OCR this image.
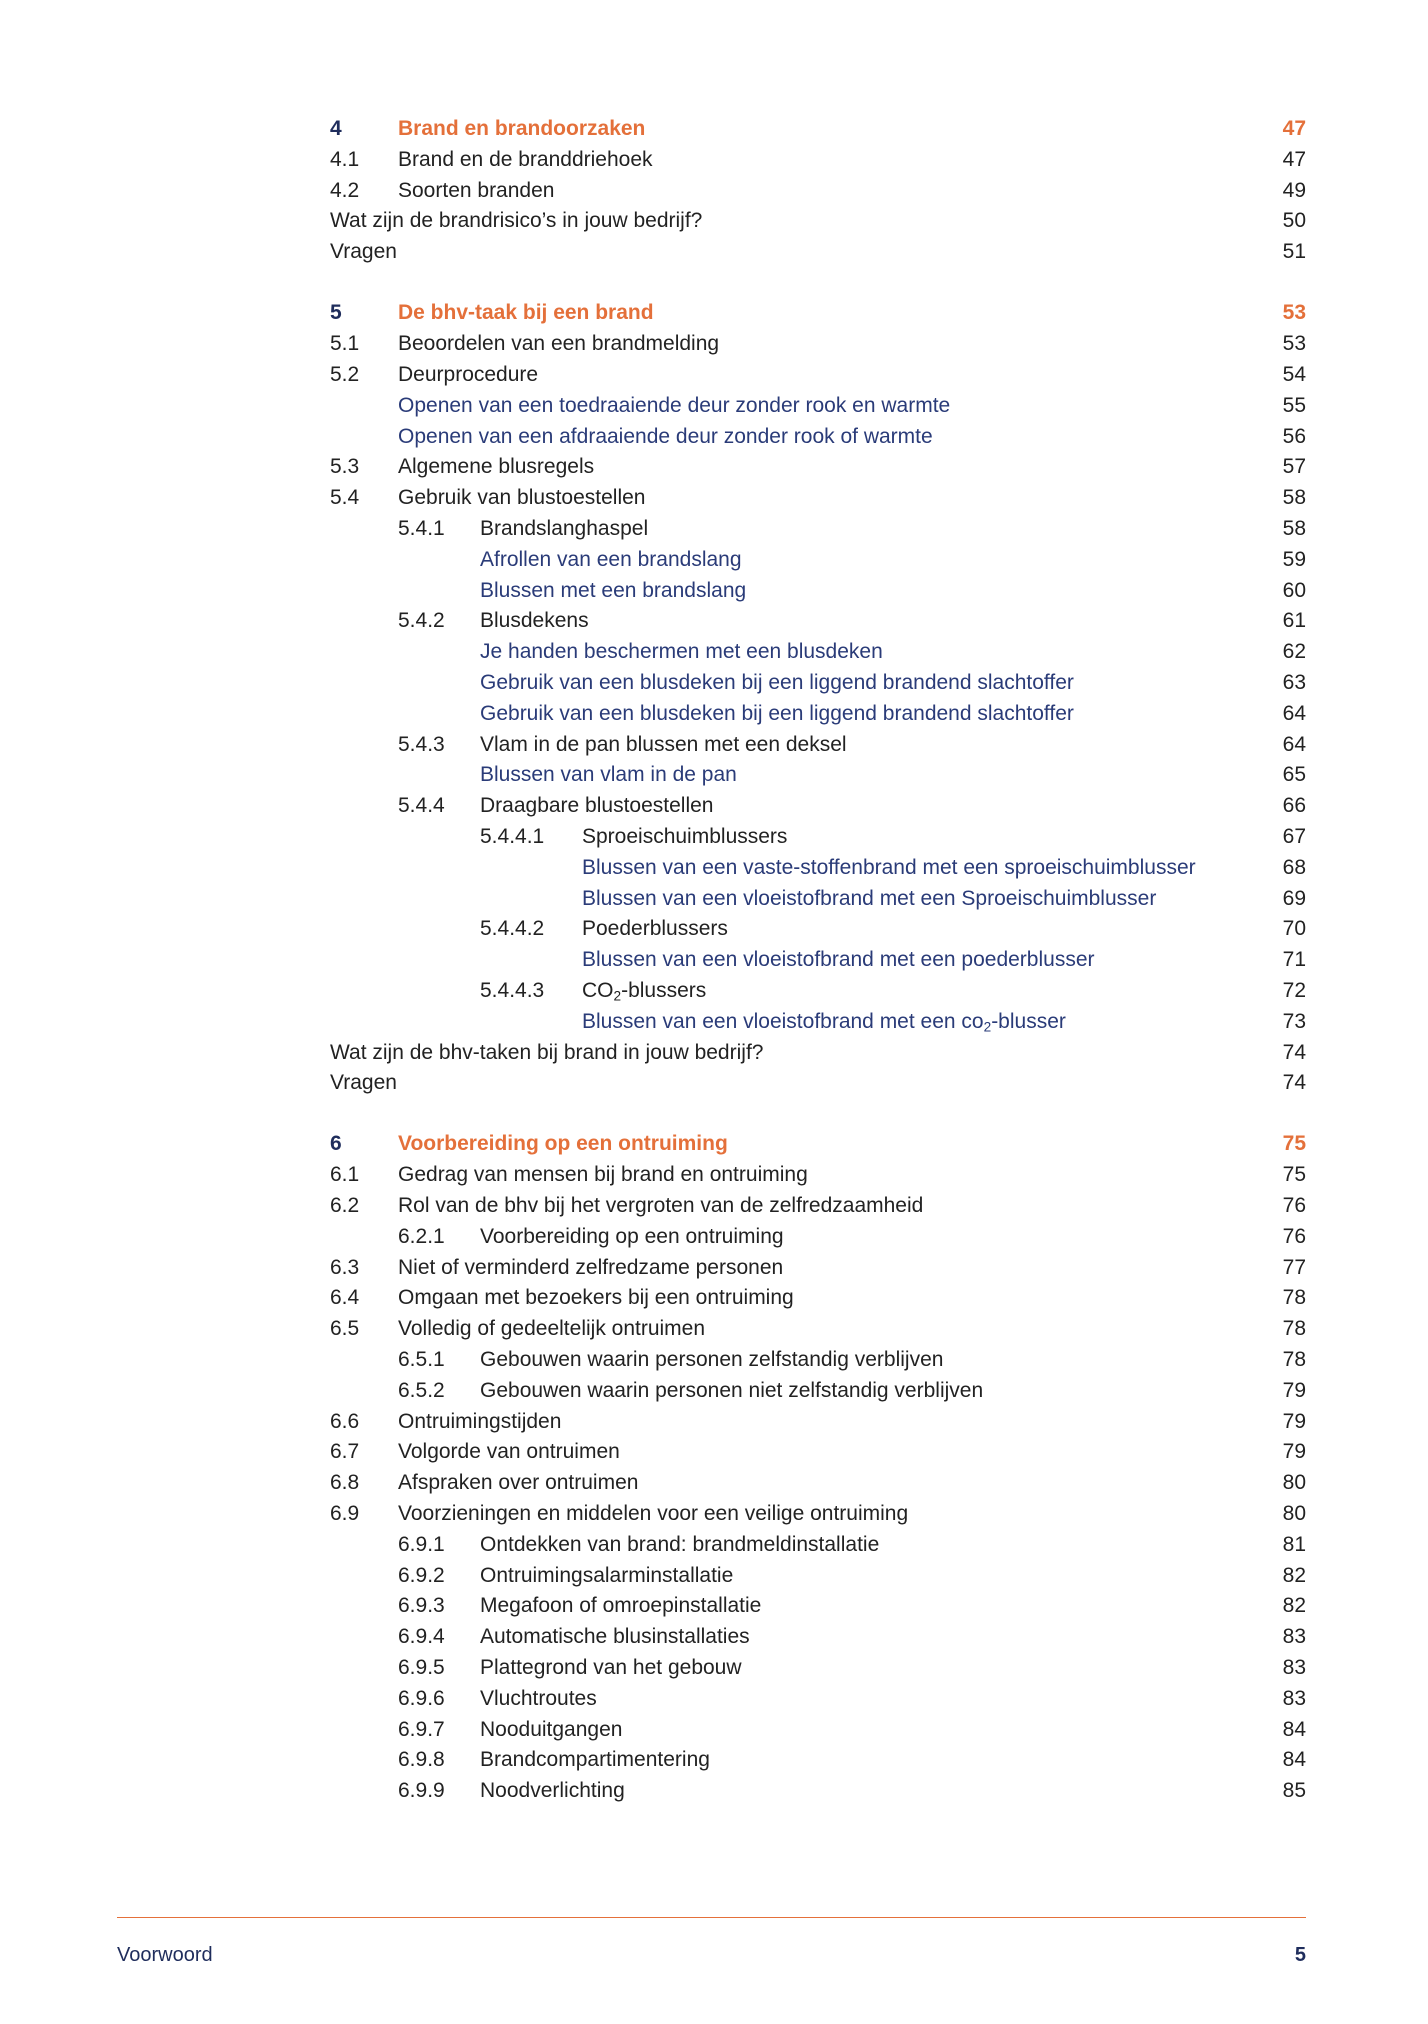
4	Brand en brandoorzaken	47
4.1 Brand en de branddriehoek	47
4.2 Soorten branden	49
Wat zijn de brandrisico’s in jouw bedrijf?	50
Vragen	51
5	De bhv-taak bij een brand	53
5.1 Beoordelen van een brandmelding	53
5.2 Deurprocedure	54
Openen van een toedraaiende deur zonder rook en warmte	55
Openen van een afdraaiende deur zonder rook of warmte	56
5.3 Algemene blusregels	57
5.4 Gebruik van blustoestellen	58
5.4.1 Brandslanghaspel	58
Afrollen van een brandslang	59
Blussen met een brandslang	60
5.4.2 Blusdekens	61
Je handen beschermen met een blusdeken	62
Gebruik van een blusdeken bij een liggend brandend slachtoffer	63
Gebruik van een blusdeken bij een liggend brandend slachtoffer	64
5.4.3 Vlam in de pan blussen met een deksel	64
Blussen van vlam in de pan	65
5.4.4 Draagbare blustoestellen	66
5.4.4.1 Sproeischuimblussers	67
Blussen van een vaste-stoffenbrand met een sproeischuimblusser	68
Blussen van een vloeistofbrand met een Sproeischuimblusser	69
5.4.4.2 Poederblussers	70
Blussen van een vloeistofbrand met een poederblusser	71
5.4.4.3 $CO_2$-blussers	72
Blussen van een vloeistofbrand met een $co_2$-blusser	73
Wat zijn de bhv-taken bij brand in jouw bedrijf?	74
Vragen	74
6	Voorbereiding op een ontruiming	75
6.1 Gedrag van mensen bij brand en ontruiming	75
6.2 Rol van de bhv bij het vergroten van de zelfredzaamheid	76
6.2.1 Voorbereiding op een ontruiming	76
6.3 Niet of verminderd zelfredzame personen	77
6.4 Omgaan met bezoekers bij een ontruiming	78
6.5 Volledig of gedeeltelijk ontruimen	78
6.5.1 Gebouwen waarin personen zelfstandig verblijven	78
6.5.2 Gebouwen waarin personen niet zelfstandig verblijven	79
6.6 Ontruimingstijden	79
6.7 Volgorde van ontruimen	79
6.8 Afspraken over ontruimen	80
6.9 Voorzieningen en middelen voor een veilige ontruiming	80
6.9.1 Ontdekken van brand: brandmeldinstallatie	81
6.9.2 Ontruimingsalarminstallatie	82
6.9.3 Megafoon of omroepinstallatie	82
6.9.4 Automatische blusinstallaties	83
6.9.5 Plattegrond van het gebouw	83
6.9.6 Vluchtroutes	83
6.9.7 Nooduitgangen	84
6.9.8 Brandcompartimentering	84
6.9.9 Noodverlichting	85
Voorwoord	5
